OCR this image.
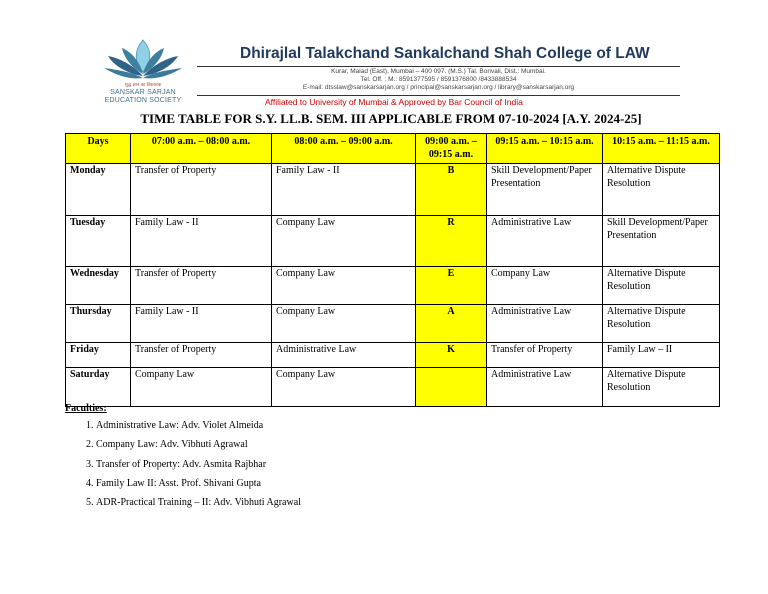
शुद्ध ज्ञान का विस्तारक
SANSKAR SARJAN
EDUCATION SOCIETY
Dhirajlal Talakchand Sankalchand Shah College of LAW
Kurar, Malad (East), Mumbai – 400 097. (M.S.) Tal. Borivali, Dist.: Mumbai.
Tel. Off. : M.: 8591377595 / 8591376800 /8433888534
E-mail: dtsslaw@sanskarsarjan.org / principal@sanskarsarjan.org / library@sanskarsarjan.org
Affiliated to University of Mumbai & Approved by Bar Council of India
TIME TABLE FOR S.Y. LL.B. SEM. III APPLICABLE FROM 07-10-2024 [A.Y. 2024-25]
Days	07:00 a.m. – 08:00 a.m.	08:00 a.m. – 09:00 a.m.	09:00 a.m. – 09:15 a.m.	09:15 a.m. – 10:15 a.m.	10:15 a.m. – 11:15 a.m.
Monday	Transfer of Property	Family Law - II	B	Skill Development/Paper Presentation	Alternative Dispute Resolution
Tuesday	Family Law - II	Company Law	R	Administrative Law	Skill Development/Paper Presentation
Wednesday	Transfer of Property	Company Law	E	Company Law	Alternative Dispute Resolution
Thursday	Family Law - II	Company Law	A	Administrative Law	Alternative Dispute Resolution
Friday	Transfer of Property	Administrative Law	K	Transfer of Property	Family Law – II
Saturday	Company Law	Company Law		Administrative Law	Alternative Dispute Resolution
Faculties:
1. Administrative Law: Adv. Violet Almeida
2. Company Law: Adv. Vibhuti Agrawal
3. Transfer of Property: Adv. Asmita Rajbhar
4. Family Law II: Asst. Prof. Shivani Gupta
5. ADR-Practical Training – II: Adv. Vibhuti Agrawal
